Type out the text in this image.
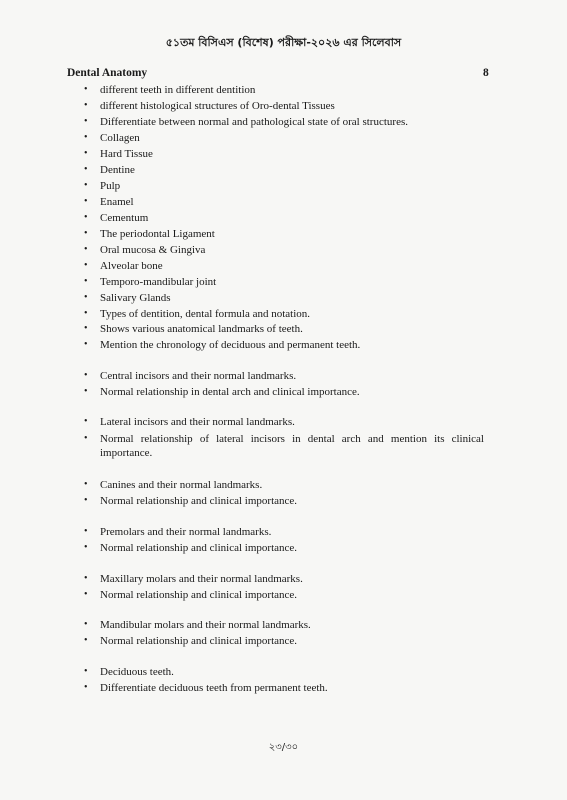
৫১তম বিসিএস (বিশেষ) পরীক্ষা-২০২৬ এর সিলেবাস
Dental Anatomy	8
• different teeth in different dentition
• different histological structures of Oro-dental Tissues
• Differentiate between normal and pathological state of oral structures.
• Collagen
• Hard Tissue
• Dentine
• Pulp
• Enamel
• Cementum
• The periodontal Ligament
• Oral mucosa & Gingiva
• Alveolar bone
• Temporo-mandibular joint
• Salivary Glands
• Types of dentition, dental formula and notation.
• Shows various anatomical landmarks of teeth.
• Mention the chronology of deciduous and permanent teeth.
• Central incisors and their normal landmarks.
• Normal relationship in dental arch and clinical importance.
• Lateral incisors and their normal landmarks.
• Normal relationship of lateral incisors in dental arch and mention its clinical importance.
• Canines and their normal landmarks.
• Normal relationship and clinical importance.
• Premolars and their normal landmarks.
• Normal relationship and clinical importance.
• Maxillary molars and their normal landmarks.
• Normal relationship and clinical importance.
• Mandibular molars and their normal landmarks.
• Normal relationship and clinical importance.
• Deciduous teeth.
• Differentiate deciduous teeth from permanent teeth.
২৩/৩০
